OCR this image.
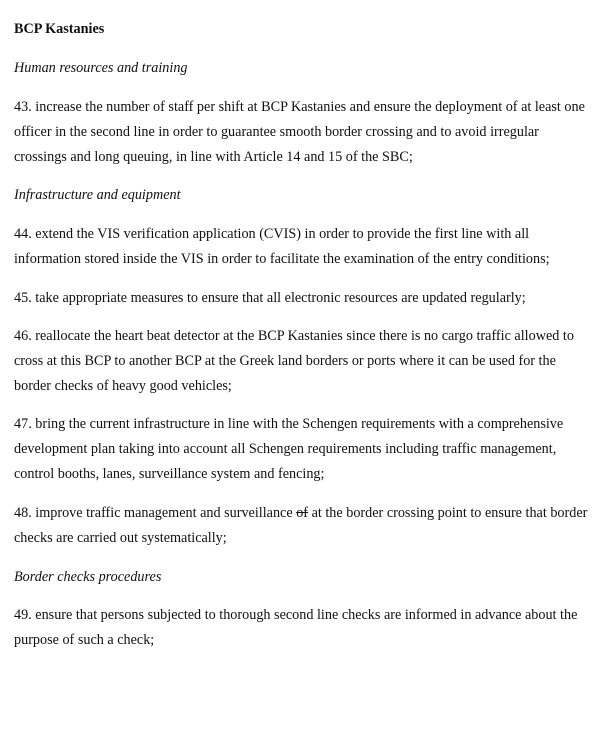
BCP Kastanies
Human resources and training
43. increase the number of staff per shift at BCP Kastanies and ensure the deployment of at least one officer in the second line in order to guarantee smooth border crossing and to avoid irregular crossings and long queuing, in line with Article 14 and 15 of the SBC;
Infrastructure and equipment
44. extend the VIS verification application (CVIS) in order to provide the first line with all information stored inside the VIS in order to facilitate the examination of the entry conditions;
45. take appropriate measures to ensure that all electronic resources are updated regularly;
46. reallocate the heart beat detector at the BCP Kastanies since there is no cargo traffic allowed to cross at this BCP to another BCP at the Greek land borders or ports where it can be used for the border checks of heavy good vehicles;
47. bring the current infrastructure in line with the Schengen requirements with a comprehensive development plan taking into account all Schengen requirements including traffic management, control booths, lanes, surveillance system and fencing;
48. improve traffic management and surveillance of at the border crossing point to ensure that border checks are carried out systematically;
Border checks procedures
49. ensure that persons subjected to thorough second line checks are informed in advance about the purpose of such a check;
